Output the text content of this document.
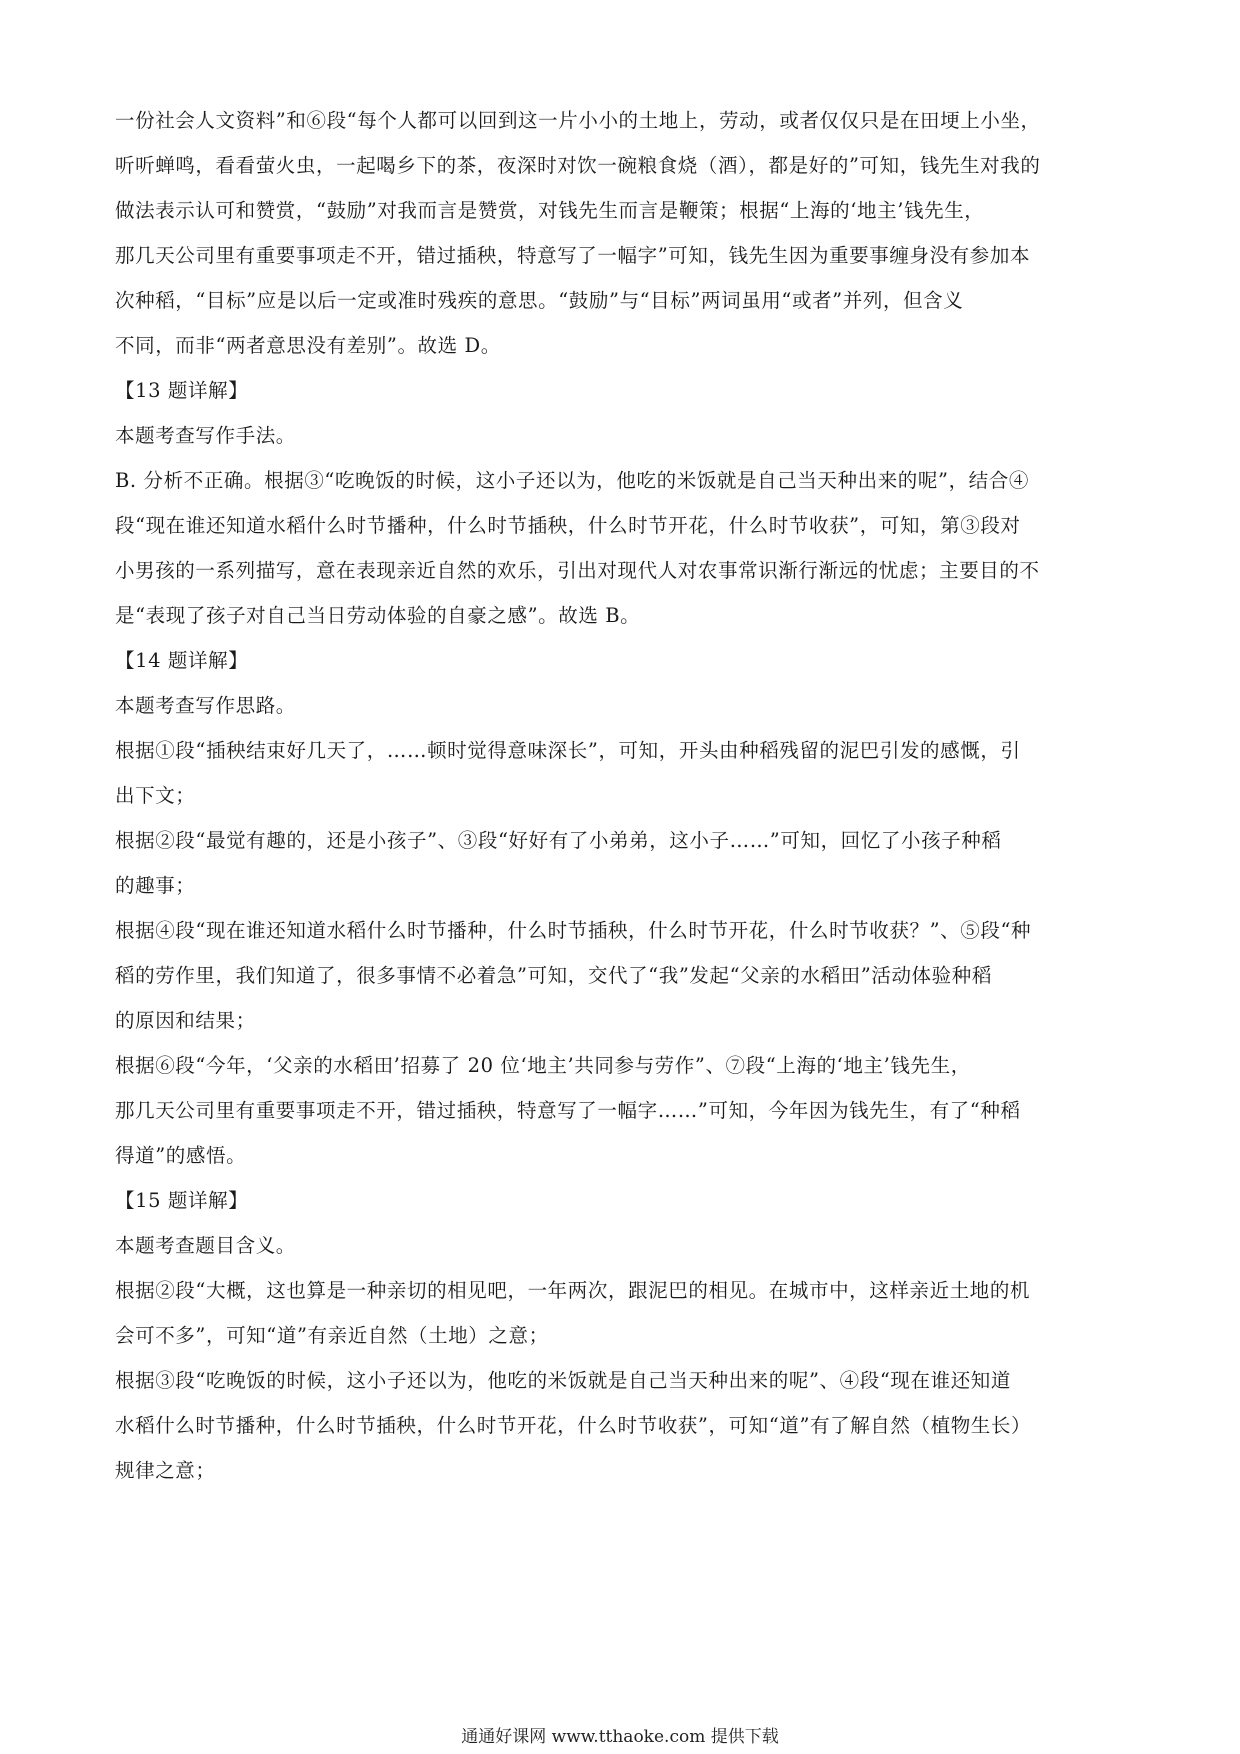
一份社会人文资料”和⑥段“每个人都可以回到这一片小小的土地上，劳动，或者仅仅只是在田埂上小坐，
听听蝉鸣，看看萤火虫，一起喝乡下的茶，夜深时对饮一碗粮食烧（酒），都是好的”可知，钱先生对我的
做法表示认可和赞赏，“鼓励”对我而言是赞赏，对钱先生而言是鞭策；根据“上海的‘地主’钱先生，
那几天公司里有重要事项走不开，错过插秧，特意写了一幅字”可知，钱先生因为重要事缠身没有参加本
次种稻，“目标”应是以后一定或准时残疾的意思。“鼓励”与“目标”两词虽用“或者”并列，但含义
不同，而非“两者意思没有差别”。故选 D。
【13 题详解】
本题考查写作手法。
B. 分析不正确。根据③“吃晚饭的时候，这小子还以为，他吃的米饭就是自己当天种出来的呢”，结合④
段“现在谁还知道水稻什么时节播种，什么时节插秧，什么时节开花，什么时节收获”，可知，第③段对
小男孩的一系列描写，意在表现亲近自然的欢乐，引出对现代人对农事常识渐行渐远的忧虑；主要目的不
是“表现了孩子对自己当日劳动体验的自豪之感”。故选 B。
【14 题详解】
本题考查写作思路。
根据①段“插秧结束好几天了，……顿时觉得意味深长”，可知，开头由种稻残留的泥巴引发的感慨，引
出下文；
根据②段“最觉有趣的，还是小孩子”、③段“好好有了小弟弟，这小子……”可知，回忆了小孩子种稻
的趣事；
根据④段“现在谁还知道水稻什么时节播种，什么时节插秧，什么时节开花，什么时节收获？”、⑤段“种
稻的劳作里，我们知道了，很多事情不必着急”可知，交代了“我”发起“父亲的水稻田”活动体验种稻
的原因和结果；
根据⑥段“今年，‘父亲的水稻田’招募了 20 位‘地主’共同参与劳作”、⑦段“上海的‘地主’钱先生，
那几天公司里有重要事项走不开，错过插秧，特意写了一幅字……”可知，今年因为钱先生，有了“种稻
得道”的感悟。
【15 题详解】
本题考查题目含义。
根据②段“大概，这也算是一种亲切的相见吧，一年两次，跟泥巴的相见。在城市中，这样亲近土地的机
会可不多”，可知“道”有亲近自然（土地）之意；
根据③段“吃晚饭的时候，这小子还以为，他吃的米饭就是自己当天种出来的呢”、④段“现在谁还知道
水稻什么时节播种，什么时节插秧，什么时节开花，什么时节收获”，可知“道”有了解自然（植物生长）
规律之意；
通通好课网 www.tthaoke.com 提供下载
